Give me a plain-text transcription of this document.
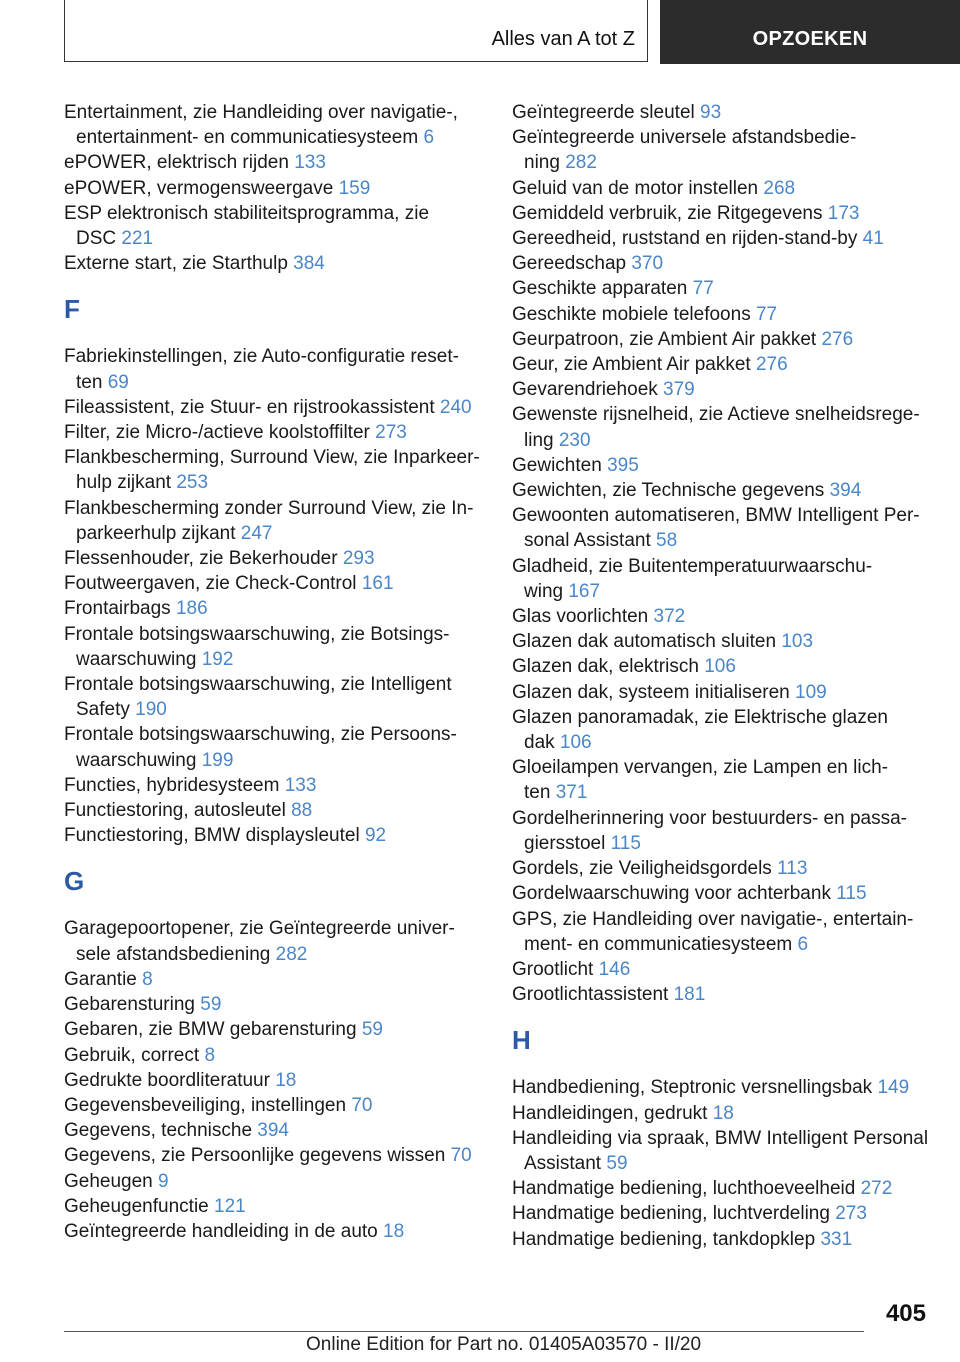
Alles van A tot Z	OPZOEKEN
Entertainment, zie Handleiding over navigatie-,
entertainment- en communicatiesysteem 6
ePOWER, elektrisch rijden 133
ePOWER, vermogensweergave 159
ESP elektronisch stabiliteitsprogramma, zie
DSC 221
Externe start, zie Starthulp 384
F
Fabriekinstellingen, zie Auto-configuratie reset-
ten 69
Fileassistent, zie Stuur- en rijstrookassistent 240
Filter, zie Micro-/actieve koolstoffilter 273
Flankbescherming, Surround View, zie Inparkeer-
hulp zijkant 253
Flankbescherming zonder Surround View, zie In-
parkeerhulp zijkant 247
Flessenhouder, zie Bekerhouder 293
Foutweergaven, zie Check-Control 161
Frontairbags 186
Frontale botsingswaarschuwing, zie Botsings-
waarschuwing 192
Frontale botsingswaarschuwing, zie Intelligent
Safety 190
Frontale botsingswaarschuwing, zie Persoons-
waarschuwing 199
Functies, hybridesysteem 133
Functiestoring, autosleutel 88
Functiestoring, BMW displaysleutel 92
G
Garagepoortopener, zie Geïntegreerde univer-
sele afstandsbediening 282
Garantie 8
Gebarensturing 59
Gebaren, zie BMW gebarensturing 59
Gebruik, correct 8
Gedrukte boordliteratuur 18
Gegevensbeveiliging, instellingen 70
Gegevens, technische 394
Gegevens, zie Persoonlijke gegevens wissen 70
Geheugen 9
Geheugenfunctie 121
Geïntegreerde handleiding in de auto 18
Geïntegreerde sleutel 93
Geïntegreerde universele afstandsbedie-
ning 282
Geluid van de motor instellen 268
Gemiddeld verbruik, zie Ritgegevens 173
Gereedheid, ruststand en rijden-stand-by 41
Gereedschap 370
Geschikte apparaten 77
Geschikte mobiele telefoons 77
Geurpatroon, zie Ambient Air pakket 276
Geur, zie Ambient Air pakket 276
Gevarendriehoek 379
Gewenste rijsnelheid, zie Actieve snelheidsrege-
ling 230
Gewichten 395
Gewichten, zie Technische gegevens 394
Gewoonten automatiseren, BMW Intelligent Per-
sonal Assistant 58
Gladheid, zie Buitentemperatuurwaarschu-
wing 167
Glas voorlichten 372
Glazen dak automatisch sluiten 103
Glazen dak, elektrisch 106
Glazen dak, systeem initialiseren 109
Glazen panoramadak, zie Elektrische glazen
dak 106
Gloeilampen vervangen, zie Lampen en lich-
ten 371
Gordelherinnering voor bestuurders- en passa-
giersstoel 115
Gordels, zie Veiligheidsgordels 113
Gordelwaarschuwing voor achterbank 115
GPS, zie Handleiding over navigatie-, entertain-
ment- en communicatiesysteem 6
Grootlicht 146
Grootlichtassistent 181
H
Handbediening, Steptronic versnellingsbak 149
Handleidingen, gedrukt 18
Handleiding via spraak, BMW Intelligent Personal
Assistant 59
Handmatige bediening, luchthoeveelheid 272
Handmatige bediening, luchtverdeling 273
Handmatige bediening, tankdopklep 331
405
Online Edition for Part no. 01405A03570 - II/20
